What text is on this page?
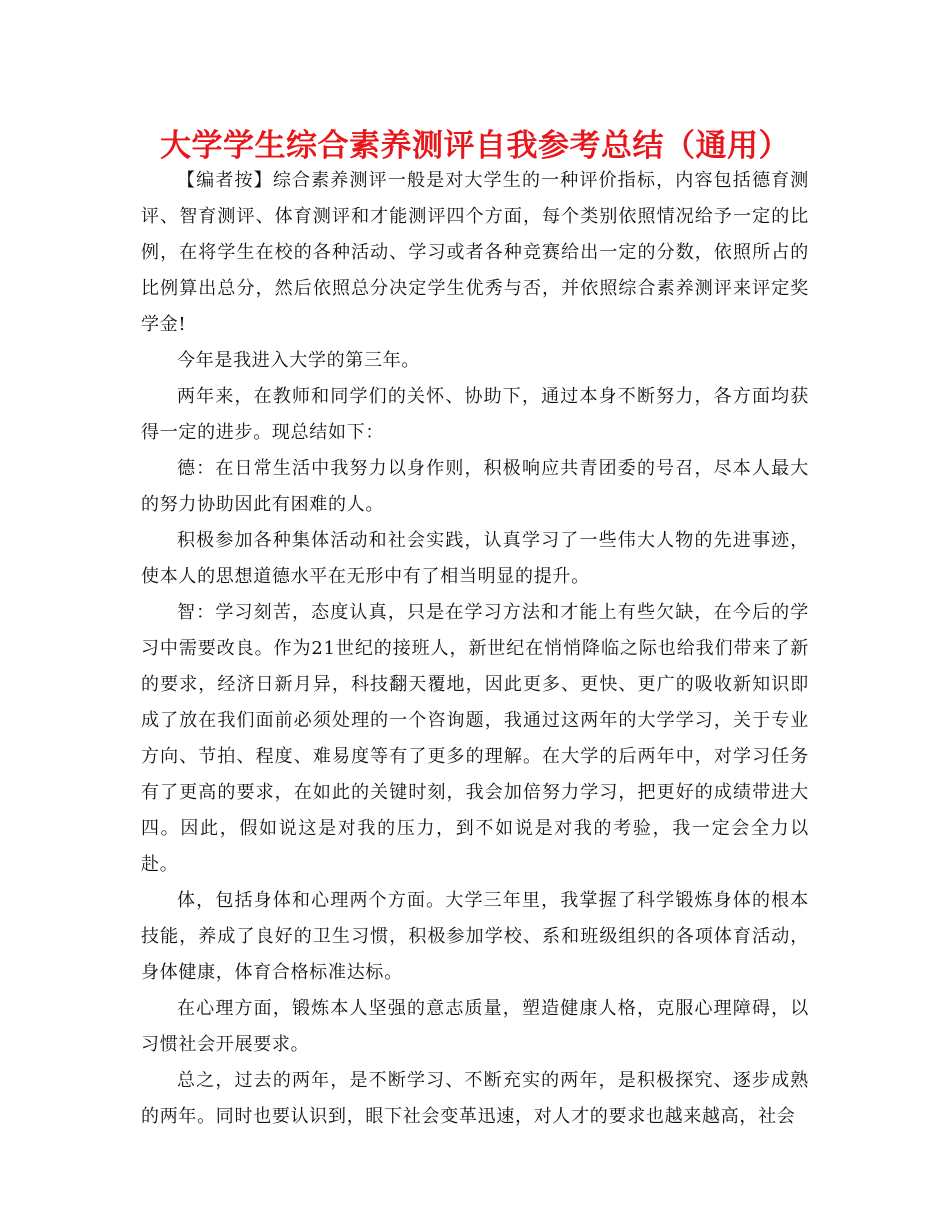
大学学生综合素养测评自我参考总结（通用）

【编者按】综合素养测评一般是对大学生的一种评价指标，内容包括德育测评、智育测评、体育测评和才能测评四个方面，每个类别依照情况给予一定的比例，在将学生在校的各种活动、学习或者各种竞赛给出一定的分数，依照所占的比例算出总分，然后依照总分决定学生优秀与否，并依照综合素养测评来评定奖学金!

今年是我进入大学的第三年。

两年来，在教师和同学们的关怀、协助下，通过本身不断努力，各方面均获得一定的进步。现总结如下：

德：在日常生活中我努力以身作则，积极响应共青团委的号召，尽本人最大的努力协助因此有困难的人。

积极参加各种集体活动和社会实践，认真学习了一些伟大人物的先进事迹，使本人的思想道德水平在无形中有了相当明显的提升。

智：学习刻苦，态度认真，只是在学习方法和才能上有些欠缺，在今后的学习中需要改良。作为21世纪的接班人，新世纪在悄悄降临之际也给我们带来了新的要求，经济日新月异，科技翻天覆地，因此更多、更快、更广的吸收新知识即成了放在我们面前必须处理的一个咨询题，我通过这两年的大学学习，关于专业方向、节拍、程度、难易度等有了更多的理解。在大学的后两年中，对学习任务有了更高的要求，在如此的关键时刻，我会加倍努力学习，把更好的成绩带进大四。因此，假如说这是对我的压力，到不如说是对我的考验，我一定会全力以赴。

体，包括身体和心理两个方面。大学三年里，我掌握了科学锻炼身体的根本技能，养成了良好的卫生习惯，积极参加学校、系和班级组织的各项体育活动，身体健康，体育合格标准达标。

在心理方面，锻炼本人坚强的意志质量，塑造健康人格，克服心理障碍，以习惯社会开展要求。

总之，过去的两年，是不断学习、不断充实的两年，是积极探究、逐步成熟的两年。同时也要认识到，眼下社会变革迅速，对人才的要求也越来越高，社会
